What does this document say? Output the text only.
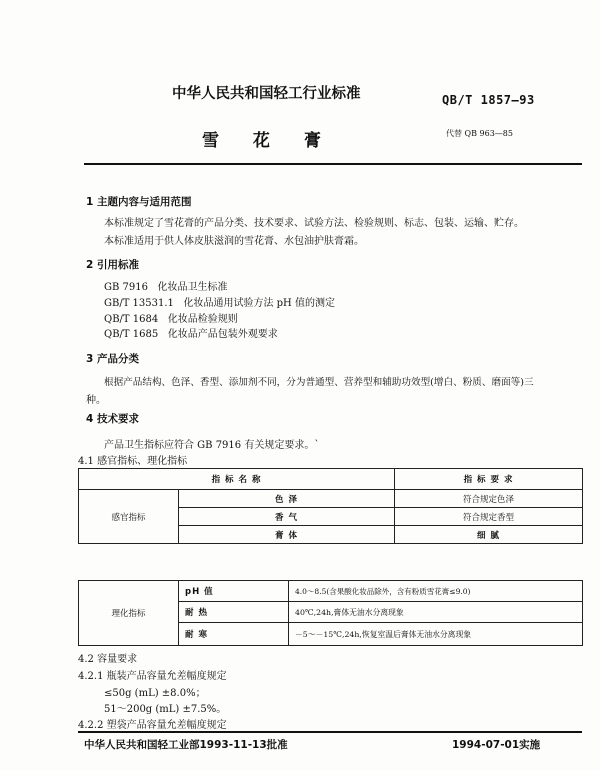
中华人民共和国轻工行业标准	QB/T 1857—93
雪 花 膏	代替 QB 963—85
1 主题内容与适用范围
本标准规定了雪花膏的产品分类、技术要求、试验方法、检验规则、标志、包装、运输、贮存。
本标准适用于供人体皮肤滋润的雪花膏、水包油护肤膏霜。
2 引用标准
GB 7916 化妆品卫生标准
GB/T 13531.1 化妆品通用试验方法 pH 值的测定
QB/T 1684 化妆品检验规则
QB/T 1685 化妆品产品包装外观要求
3 产品分类
根据产品结构、色泽、香型、添加剂不同，分为普通型、营养型和辅助功效型(增白、粉质、磨面等)三
种。
4 技术要求
产品卫生指标应符合 GB 7916 有关规定要求。`
4.1 感官指标、理化指标
指 标 名 称		指 标 要 求
感官指标	色 泽	符合规定色泽
	香 气	符合规定香型
	膏 体	细 腻
理化指标	pH 值	4.0～8.5(含果酸化妆品除外，含有粉质雪花膏≤9.0)
	耐 热	40℃,24h,膏体无油水分离现象
	耐 寒	－5～－15℃,24h,恢复室温后膏体无油水分离现象
4.2 容量要求
4.2.1 瓶装产品容量允差幅度规定
≤50g (mL) ±8.0%；
51～200g (mL) ±7.5%。
4.2.2 塑袋产品容量允差幅度规定
中华人民共和国轻工业部1993-11-13批准	1994-07-01实施
